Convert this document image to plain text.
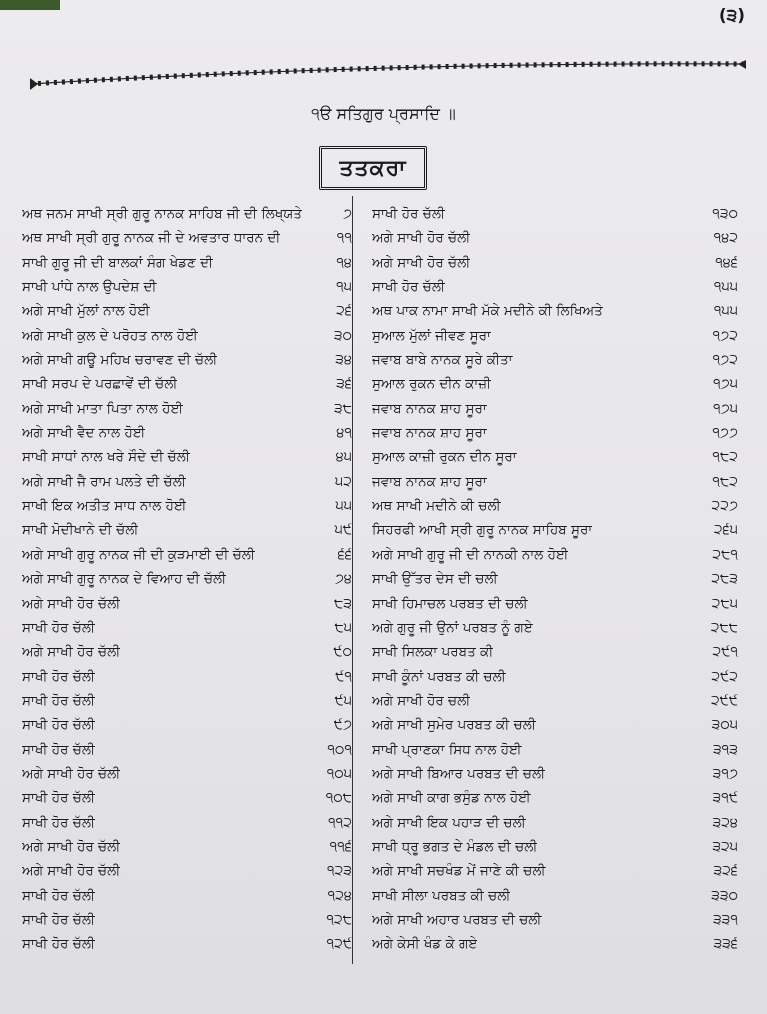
(੩)
੧ੳ ਸਤਿਗੁਰ ਪ੍ਰਸਾਦਿ ॥
ਤਤਕਰਾ
ਅਥ ਜਨਮ ਸਾਖੀ ਸ੍ਰੀ ਗੁਰੂ ਨਾਨਕ ਸਾਹਿਬ ਜੀ ਦੀ ਲਿਖ੍ਯਤੇ	੭
ਅਥ ਸਾਖੀ ਸ੍ਰੀ ਗੁਰੂ ਨਾਨਕ ਜੀ ਦੇ ਅਵਤਾਰ ਧਾਰਨ ਦੀ	੧੧
ਸਾਖੀ ਗੁਰੂ ਜੀ ਦੀ ਬਾਲਕਾਂ ਸੰਗ ਖੇਡਣ ਦੀ	੧੪
ਸਾਖੀ ਪਾਂਧੇ ਨਾਲ ਉਪਦੇਸ਼ ਦੀ	੧੫
ਅਗੇ ਸਾਖੀ ਮੁੱਲਾਂ ਨਾਲ ਹੋਈ	੨੬
ਅਗੇ ਸਾਖੀ ਕੁਲ ਦੇ ਪਰੋਹਤ ਨਾਲ ਹੋਈ	੩੦
ਅਗੇ ਸਾਖੀ ਗਊ ਮਹਿਖ ਚਰਾਵਣ ਦੀ ਚੱਲੀ	੩੪
ਸਾਖੀ ਸਰਪ ਦੇ ਪਰਛਾਵੇਂ ਦੀ ਚੱਲੀ	੩੬
ਅਗੇ ਸਾਖੀ ਮਾਤਾ ਪਿਤਾ ਨਾਲ ਹੋਈ	੩੮
ਅਗੇ ਸਾਖੀ ਵੈਦ ਨਾਲ ਹੋਈ	੪੧
ਸਾਖੀ ਸਾਧਾਂ ਨਾਲ ਖਰੇ ਸੌਦੇ ਦੀ ਚੱਲੀ	੪੫
ਅਗੇ ਸਾਖੀ ਜੈ ਰਾਮ ਪਲਤੇ ਦੀ ਚੱਲੀ	੫੨
ਸਾਖੀ ਇਕ ਅਤੀਤ ਸਾਧ ਨਾਲ ਹੋਈ	੫੫
ਸਾਖੀ ਮੋਦੀਖਾਨੇ ਦੀ ਚੱਲੀ	੫੯
ਅਗੇ ਸਾਖੀ ਗੁਰੂ ਨਾਨਕ ਜੀ ਦੀ ਕੁੜਮਾਈ ਦੀ ਚੱਲੀ	੬੬
ਅਗੇ ਸਾਖੀ ਗੁਰੂ ਨਾਨਕ ਦੇ ਵਿਆਹ ਦੀ ਚੱਲੀ	੭੪
ਅਗੇ ਸਾਖੀ ਹੋਰ ਚੱਲੀ	੮੩
ਸਾਖੀ ਹੋਰ ਚੱਲੀ	੮੫
ਅਗੇ ਸਾਖੀ ਹੋਰ ਚੱਲੀ	੯੦
ਸਾਖੀ ਹੋਰ ਚੱਲੀ	੯੧
ਸਾਖੀ ਹੋਰ ਚੱਲੀ	੯੫
ਸਾਖੀ ਹੋਰ ਚੱਲੀ	੯੭
ਸਾਖੀ ਹੋਰ ਚੱਲੀ	੧੦੧
ਅਗੇ ਸਾਖੀ ਹੋਰ ਚੱਲੀ	੧੦੫
ਸਾਖੀ ਹੋਰ ਚੱਲੀ	੧੦੮
ਸਾਖੀ ਹੋਰ ਚੱਲੀ	੧੧੨
ਅਗੇ ਸਾਖੀ ਹੋਰ ਚੱਲੀ	੧੧੬
ਅਗੇ ਸਾਖੀ ਹੋਰ ਚੱਲੀ	੧੨੩
ਸਾਖੀ ਹੋਰ ਚੱਲੀ	੧੨੪
ਸਾਖੀ ਹੋਰ ਚੱਲੀ	੧੨੮
ਸਾਖੀ ਹੋਰ ਚੱਲੀ	੧੨੯
ਸਾਖੀ ਹੋਰ ਚੱਲੀ	੧੩੦
ਅਗੇ ਸਾਖੀ ਹੋਰ ਚੱਲੀ	੧੪੨
ਅਗੇ ਸਾਖੀ ਹੋਰ ਚੱਲੀ	੧੪੬
ਸਾਖੀ ਹੋਰ ਚੱਲੀ	੧੫੫
ਅਥ ਪਾਕ ਨਾਮਾ ਸਾਖੀ ਮੱਕੇ ਮਦੀਨੇ ਕੀ ਲਿਖਿਅਤੇ	੧੫੫
ਸੁਆਲ ਮੁੱਲਾਂ ਜੀਵਣ ਸੂਰਾ	੧੭੨
ਜਵਾਬ ਬਾਬੇ ਨਾਨਕ ਸੂਰੇ ਕੀਤਾ	੧੭੨
ਸੁਆਲ ਰੁਕਨ ਦੀਨ ਕਾਜ਼ੀ	੧੭੫
ਜਵਾਬ ਨਾਨਕ ਸ਼ਾਹ ਸੂਰਾ	੧੭੫
ਜਵਾਬ ਨਾਨਕ ਸ਼ਾਹ ਸੂਰਾ	੧੭੭
ਸੁਆਲ ਕਾਜ਼ੀ ਰੁਕਨ ਦੀਨ ਸੂਰਾ	੧੮੨
ਜਵਾਬ ਨਾਨਕ ਸ਼ਾਹ ਸੂਰਾ	੧੮੨
ਅਥ ਸਾਖੀ ਮਦੀਨੇ ਕੀ ਚਲੀ	੨੨੭
ਸਿਹਰਫੀ ਆਖੀ ਸ੍ਰੀ ਗੁਰੂ ਨਾਨਕ ਸਾਹਿਬ ਸੂਰਾ	੨੬੫
ਅਗੇ ਸਾਖੀ ਗੁਰੂ ਜੀ ਦੀ ਨਾਨਕੀ ਨਾਲ ਹੋਈ	੨੮੧
ਸਾਖੀ ਉੱਤਰ ਦੇਸ ਦੀ ਚਲੀ	੨੮੩
ਸਾਖੀ ਹਿਮਾਚਲ ਪਰਬਤ ਦੀ ਚਲੀ	੨੮੫
ਅਗੇ ਗੁਰੂ ਜੀ ਉਨਾਂ ਪਰਬਤ ਨੂੰ ਗਏ	੨੮੮
ਸਾਖੀ ਸਿਲਕਾ ਪਰਬਤ ਕੀ	੨੯੧
ਸਾਖੀ ਕੂੰਨਾਂ ਪਰਬਤ ਕੀ ਚਲੀ	੨੯੨
ਅਗੇ ਸਾਖੀ ਹੋਰ ਚਲੀ	੨੯੯
ਅਗੇ ਸਾਖੀ ਸੁਮੇਰ ਪਰਬਤ ਕੀ ਚਲੀ	੩੦੫
ਸਾਖੀ ਪ੍ਰਾਣਕਾ ਸਿਧ ਨਾਲ ਹੋਈ	੩੧੩
ਅਗੇ ਸਾਖੀ ਬਿਆਰ ਪਰਬਤ ਦੀ ਚਲੀ	੩੧੭
ਅਗੇ ਸਾਖੀ ਕਾਗ ਭਸੁੰਡ ਨਾਲ ਹੋਈ	੩੧੯
ਅਗੇ ਸਾਖੀ ਇਕ ਪਹਾੜ ਦੀ ਚਲੀ	੩੨੪
ਸਾਖੀ ਧ੍ਰੂ ਭਗਤ ਦੇ ਮੰਡਲ ਦੀ ਚਲੀ	੩੨੫
ਅਗੇ ਸਾਖੀ ਸਚਖੰਡ ਮੇਂ ਜਾਣੇ ਕੀ ਚਲੀ	੩੨੬
ਸਾਖੀ ਸੀਲਾ ਪਰਬਤ ਕੀ ਚਲੀ	੩੩੦
ਅਗੇ ਸਾਖੀ ਅਹਾਰ ਪਰਬਤ ਦੀ ਚਲੀ	੩੩੧
ਅਗੇ ਕੇਸੀ ਖੰਡ ਕੇ ਗਏ	੩੩੬
